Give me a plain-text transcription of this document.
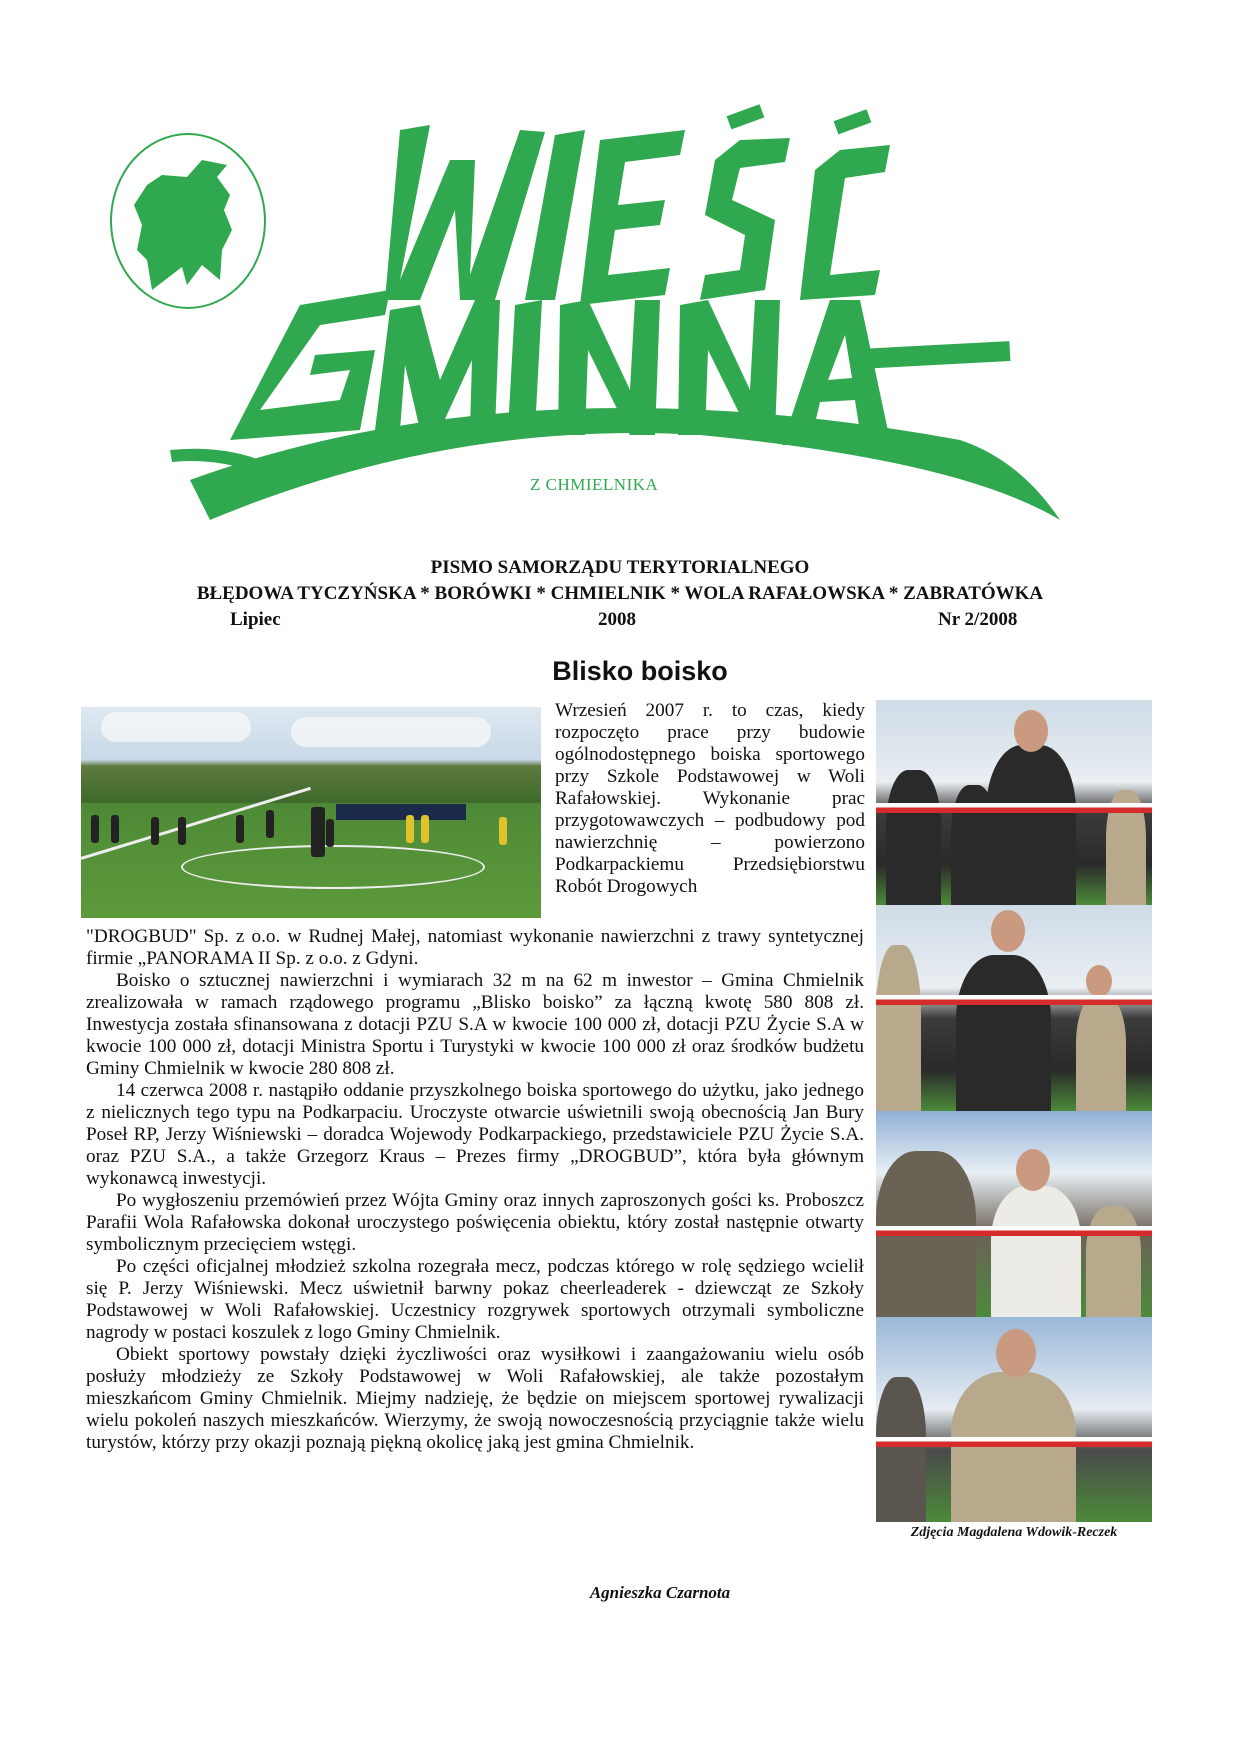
Z CHMIELNIKA
PISMO SAMORZĄDU TERYTORIALNEGO
BŁĘDOWA TYCZYŃSKA * BORÓWKI * CHMIELNIK * WOLA RAFAŁOWSKA * ZABRATÓWKA
Lipiec	2008	Nr 2/2008
Blisko boisko
Zdjęcia Magdalena Wdowik-Reczek

Wrzesień 2007 r. to czas, kiedy rozpoczęto prace przy budowie ogólnodostępnego boiska sportowego przy Szkole Podstawowej w Woli Rafałowskiej. Wykonanie prac przygotowawczych – podbudowy pod nawierzchnię – powierzono Podkarpackiemu Przedsiębiorstwu Robót Drogowych

"DROGBUD" Sp. z o.o. w Rudnej Małej, natomiast wykonanie nawierzchni z trawy syntetycznej firmie „PANORAMA II Sp. z o.o. z Gdyni.

Boisko o sztucznej nawierzchni i wymiarach 32 m na 62 m inwestor – Gmina Chmielnik zrealizowała w ramach rządowego programu „Blisko boisko” za łączną kwotę 580 808 zł. Inwestycja została sfinansowana z dotacji PZU S.A w kwocie 100 000 zł, dotacji PZU Życie S.A w kwocie 100 000 zł, dotacji Ministra Sportu i Turystyki w kwocie 100 000 zł oraz środków budżetu Gminy Chmielnik w kwocie 280 808 zł.

14 czerwca 2008 r. nastąpiło oddanie przyszkolnego boiska sportowego do użytku, jako jednego z nielicznych tego typu na Podkarpaciu. Uroczyste otwarcie uświetnili swoją obecnością Jan Bury Poseł RP, Jerzy Wiśniewski – doradca Wojewody Podkarpackiego, przedstawiciele PZU Życie S.A. oraz PZU S.A., a także Grzegorz Kraus – Prezes firmy „DROGBUD”, która była głównym wykonawcą inwestycji.

Po wygłoszeniu przemówień przez Wójta Gminy oraz innych zaproszonych gości ks. Proboszcz Parafii Wola Rafałowska dokonał uroczystego poświęcenia obiektu, który został następnie otwarty symbolicznym przecięciem wstęgi.

Po części oficjalnej młodzież szkolna rozegrała mecz, podczas którego w rolę sędziego wcielił się P. Jerzy Wiśniewski. Mecz uświetnił barwny pokaz cheerleaderek - dziewcząt ze Szkoły Podstawowej w Woli Rafałowskiej. Uczestnicy rozgrywek sportowych otrzymali symboliczne nagrody w postaci koszulek z logo Gminy Chmielnik.

Obiekt sportowy powstały dzięki życzliwości oraz wysiłkowi i zaangażowaniu wielu osób posłuży młodzieży ze Szkoły Podstawowej w Woli Rafałowskiej, ale także pozostałym mieszkańcom Gminy Chmielnik. Miejmy nadzieję, że będzie on miejscem sportowej rywalizacji wielu pokoleń naszych mieszkańców. Wierzymy, że swoją nowoczesnością przyciągnie także wielu turystów, którzy przy okazji poznają piękną okolicę jaką jest gmina Chmielnik.

Agnieszka Czarnota
